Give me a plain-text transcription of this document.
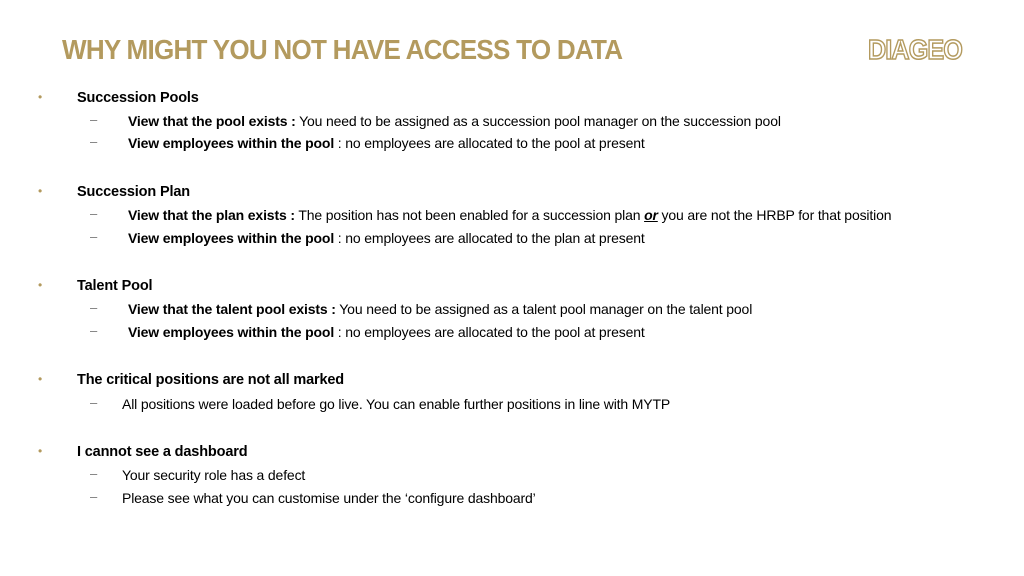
WHY MIGHT YOU NOT HAVE ACCESS TO DATA	DIAGEO
• Succession Pools
– View that the pool exists : You need to be assigned as a succession pool manager on the succession pool
– View employees within the pool : no employees are allocated to the pool at present
• Succession Plan
– View that the plan exists : The position has not been enabled for a succession plan or you are not the HRBP for that position
– View employees within the pool : no employees are allocated to the plan at present
• Talent Pool
– View that the talent pool exists : You need to be assigned as a talent pool manager on the talent pool
– View employees within the pool : no employees are allocated to the pool at present
• The critical positions are not all marked
– All positions were loaded before go live. You can enable further positions in line with MYTP
• I cannot see a dashboard
– Your security role has a defect
– Please see what you can customise under the ‘configure dashboard’
